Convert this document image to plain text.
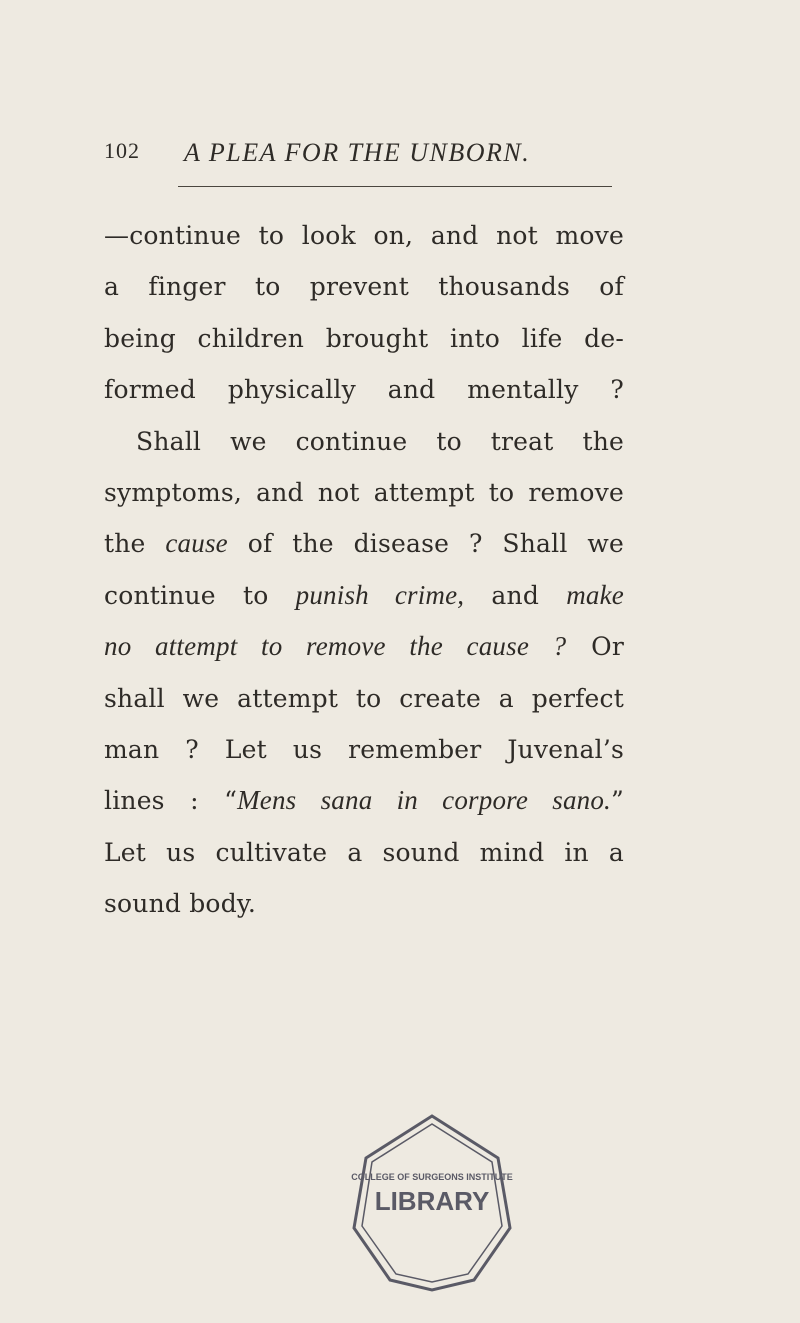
102 A PLEA FOR THE UNBORN.
—continue to look on, and not move
a finger to prevent thousands of
being children brought into life de-
formed physically and mentally ?
Shall we continue to treat the
symptoms, and not attempt to remove
the cause of the disease ? Shall we
continue to punish crime, and make
no attempt to remove the cause ? Or
shall we attempt to create a perfect
man ? Let us remember Juvenal’s
lines : “Mens sana in corpore sano.”
Let us cultivate a sound mind in a
sound body.
COLLEGE OF SURGEONS INSTITUTE
LIBRARY
